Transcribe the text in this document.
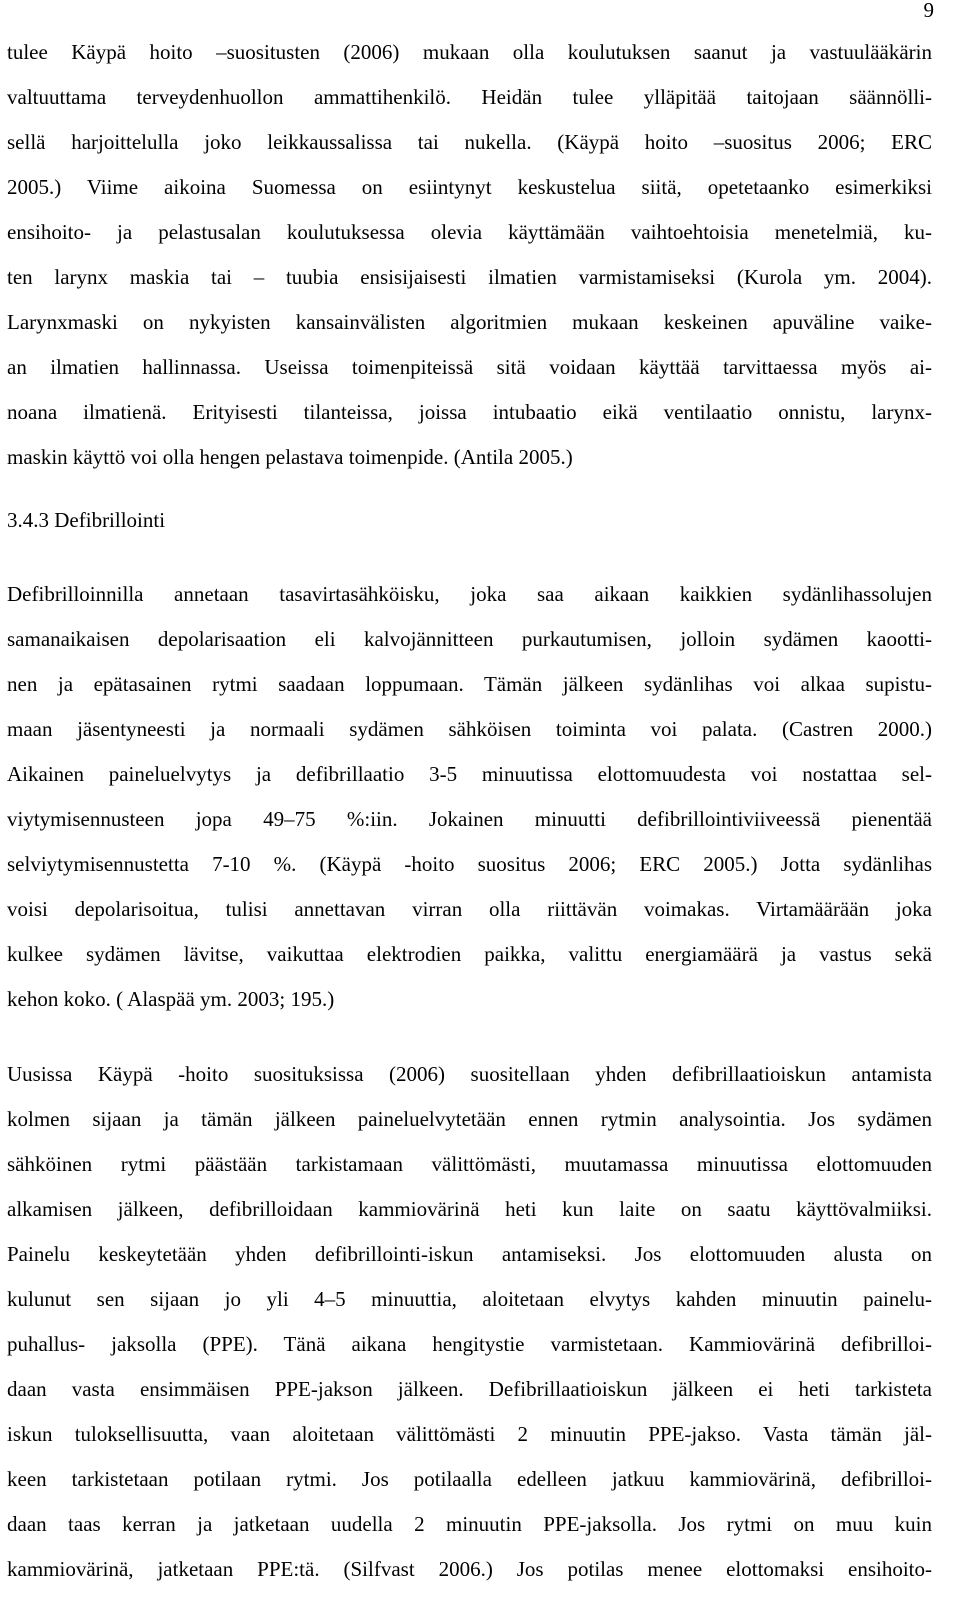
9
tulee Käypä hoito –suositusten (2006) mukaan olla koulutuksen saanut ja vastuulääkärin
valtuuttama terveydenhuollon ammattihenkilö. Heidän tulee ylläpitää taitojaan säännölli-
sellä harjoittelulla joko leikkaussalissa tai nukella. (Käypä hoito –suositus 2006; ERC
2005.) Viime aikoina Suomessa on esiintynyt keskustelua siitä, opetetaanko esimerkiksi
ensihoito- ja pelastusalan koulutuksessa olevia käyttämään vaihtoehtoisia menetelmiä, ku-
ten larynx maskia tai – tuubia ensisijaisesti ilmatien varmistamiseksi (Kurola ym. 2004).
Larynxmaski on nykyisten kansainvälisten algoritmien mukaan keskeinen apuväline vaike-
an ilmatien hallinnassa. Useissa toimenpiteissä sitä voidaan käyttää tarvittaessa myös ai-
noana ilmatienä. Erityisesti tilanteissa, joissa intubaatio eikä ventilaatio onnistu, larynx-
maskin käyttö voi olla hengen pelastava toimenpide. (Antila 2005.)
3.4.3 Defibrillointi
Defibrilloinnilla annetaan tasavirtasähköisku, joka saa aikaan kaikkien sydänlihassolujen
samanaikaisen depolarisaation eli kalvojännitteen purkautumisen, jolloin sydämen kaootti-
nen ja epätasainen rytmi saadaan loppumaan. Tämän jälkeen sydänlihas voi alkaa supistu-
maan jäsentyneesti ja normaali sydämen sähköisen toiminta voi palata. (Castren 2000.)
Aikainen paineluelvytys ja defibrillaatio 3-5 minuutissa elottomuudesta voi nostattaa sel-
viytymisennusteen jopa 49–75 %:iin. Jokainen minuutti defibrillointiviiveessä pienentää
selviytymisennustetta 7-10 %. (Käypä -hoito suositus 2006; ERC 2005.) Jotta sydänlihas
voisi depolarisoitua, tulisi annettavan virran olla riittävän voimakas. Virtamäärään joka
kulkee sydämen lävitse, vaikuttaa elektrodien paikka, valittu energiamäärä ja vastus sekä
kehon koko. ( Alaspää ym. 2003; 195.)
Uusissa Käypä -hoito suosituksissa (2006) suositellaan yhden defibrillaatioiskun antamista
kolmen sijaan ja tämän jälkeen paineluelvytetään ennen rytmin analysointia. Jos sydämen
sähköinen rytmi päästään tarkistamaan välittömästi, muutamassa minuutissa elottomuuden
alkamisen jälkeen, defibrilloidaan kammiovärinä heti kun laite on saatu käyttövalmiiksi.
Painelu keskeytetään yhden defibrillointi-iskun antamiseksi. Jos elottomuuden alusta on
kulunut sen sijaan jo yli 4–5 minuuttia, aloitetaan elvytys kahden minuutin painelu-
puhallus- jaksolla (PPE). Tänä aikana hengitystie varmistetaan. Kammiovärinä defibrilloi-
daan vasta ensimmäisen PPE-jakson jälkeen. Defibrillaatioiskun jälkeen ei heti tarkisteta
iskun tuloksellisuutta, vaan aloitetaan välittömästi 2 minuutin PPE-jakso. Vasta tämän jäl-
keen tarkistetaan potilaan rytmi. Jos potilaalla edelleen jatkuu kammiovärinä, defibrilloi-
daan taas kerran ja jatketaan uudella 2 minuutin PPE-jaksolla. Jos rytmi on muu kuin
kammiovärinä, jatketaan PPE:tä. (Silfvast 2006.) Jos potilas menee elottomaksi ensihoito-
